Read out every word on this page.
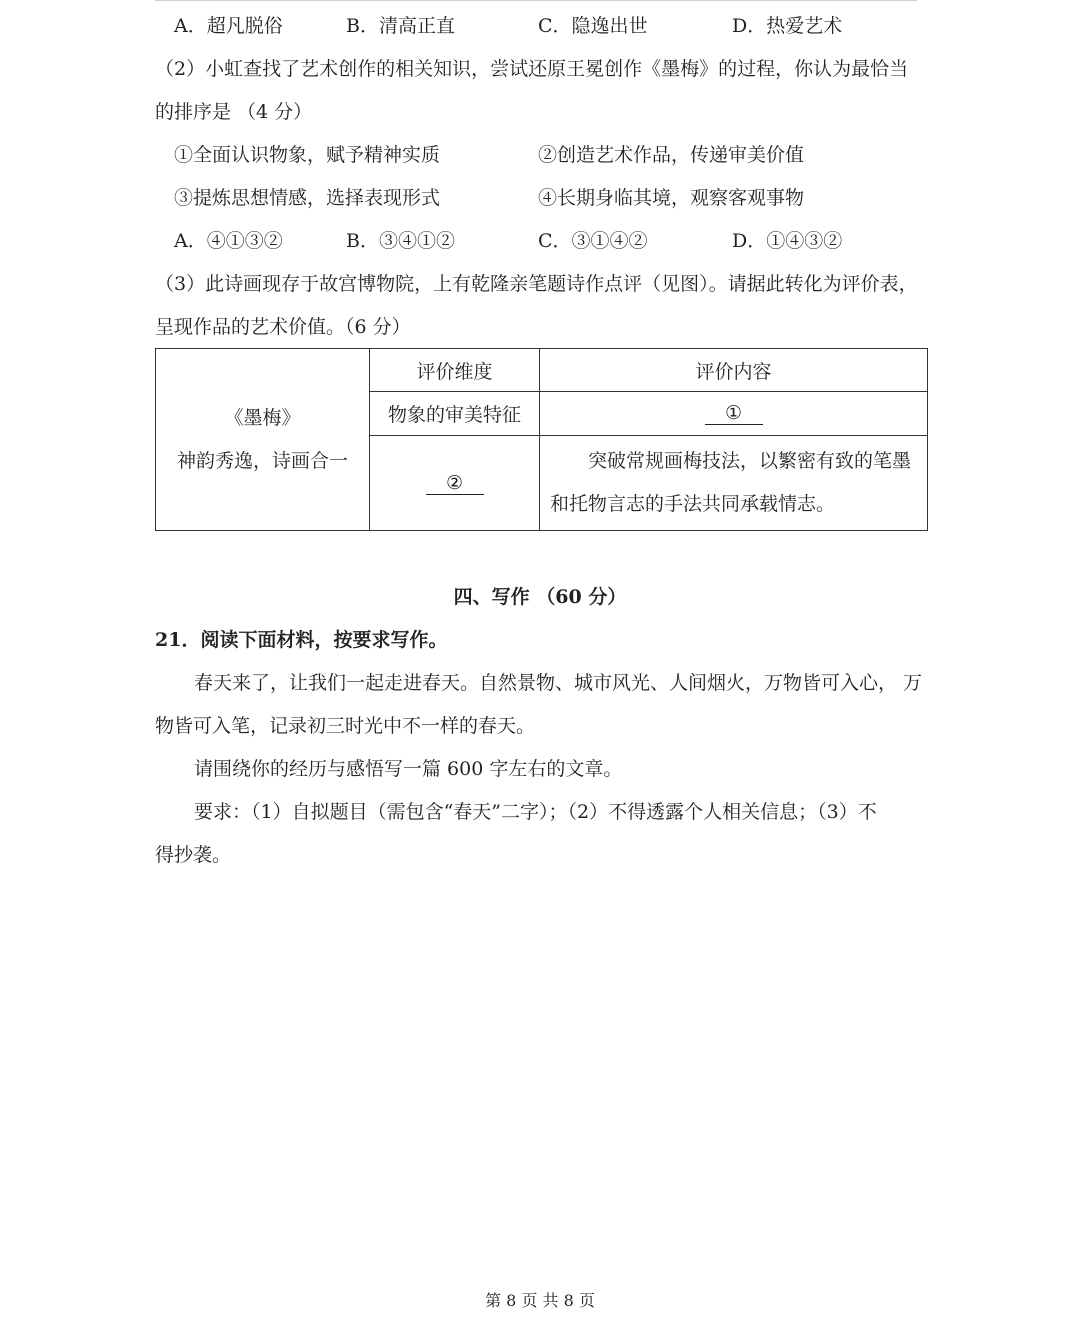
A．超凡脱俗	B．清高正直	C．隐逸出世	D．热爱艺术
（2）小虹查找了艺术创作的相关知识，尝试还原王冕创作《墨梅》的过程，你认为最恰当
的排序是 （4 分）
①全面认识物象，赋予精神实质	②创造艺术作品，传递审美价值
③提炼思想情感，选择表现形式	④长期身临其境，观察客观事物
A．④①③②	B．③④①②	C．③①④②	D．①④③②
（3）此诗画现存于故宫博物院，上有乾隆亲笔题诗作点评（见图）。请据此转化为评价表，
呈现作品的艺术价值。（6 分）
《墨梅》
神韵秀逸，诗画合一	评价维度	评价内容
	物象的审美特征	①
	②	突破常规画梅技法，以繁密有致的笔墨
和托物言志的手法共同承载情志。
四、写作 （60 分）
21．阅读下面材料，按要求写作。
春天来了，让我们一起走进春天。自然景物、城市风光、人间烟火，万物皆可入心， 万
物皆可入笔，记录初三时光中不一样的春天。
请围绕你的经历与感悟写一篇 600 字左右的文章。
要求：（1）自拟题目（需包含“春天”二字）；（2）不得透露个人相关信息；（3）不
得抄袭。
第 8 页 共 8 页
